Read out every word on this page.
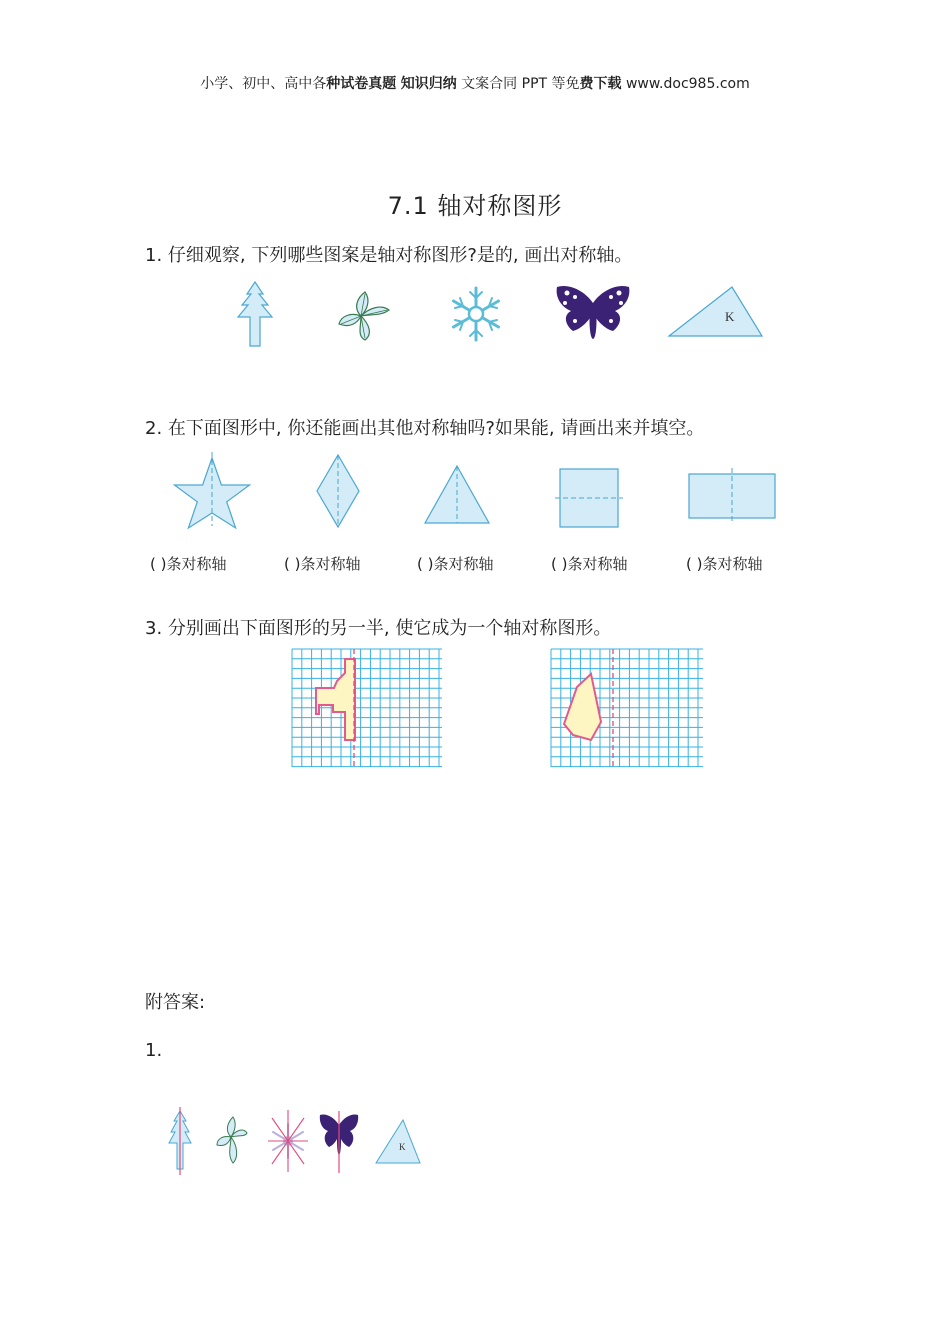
小学、初中、高中各种试卷真题 知识归纳 文案合同 PPT 等免费下载 www.doc985.com
7.1 轴对称图形
1. 仔细观察, 下列哪些图案是轴对称图形?是的, 画出对称轴。
K
2. 在下面图形中, 你还能画出其他对称轴吗?如果能, 请画出来并填空。
( )条对称轴	( )条对称轴	( )条对称轴	( )条对称轴	( )条对称轴
3. 分别画出下面图形的另一半, 使它成为一个轴对称图形。
附答案:
1.
K
